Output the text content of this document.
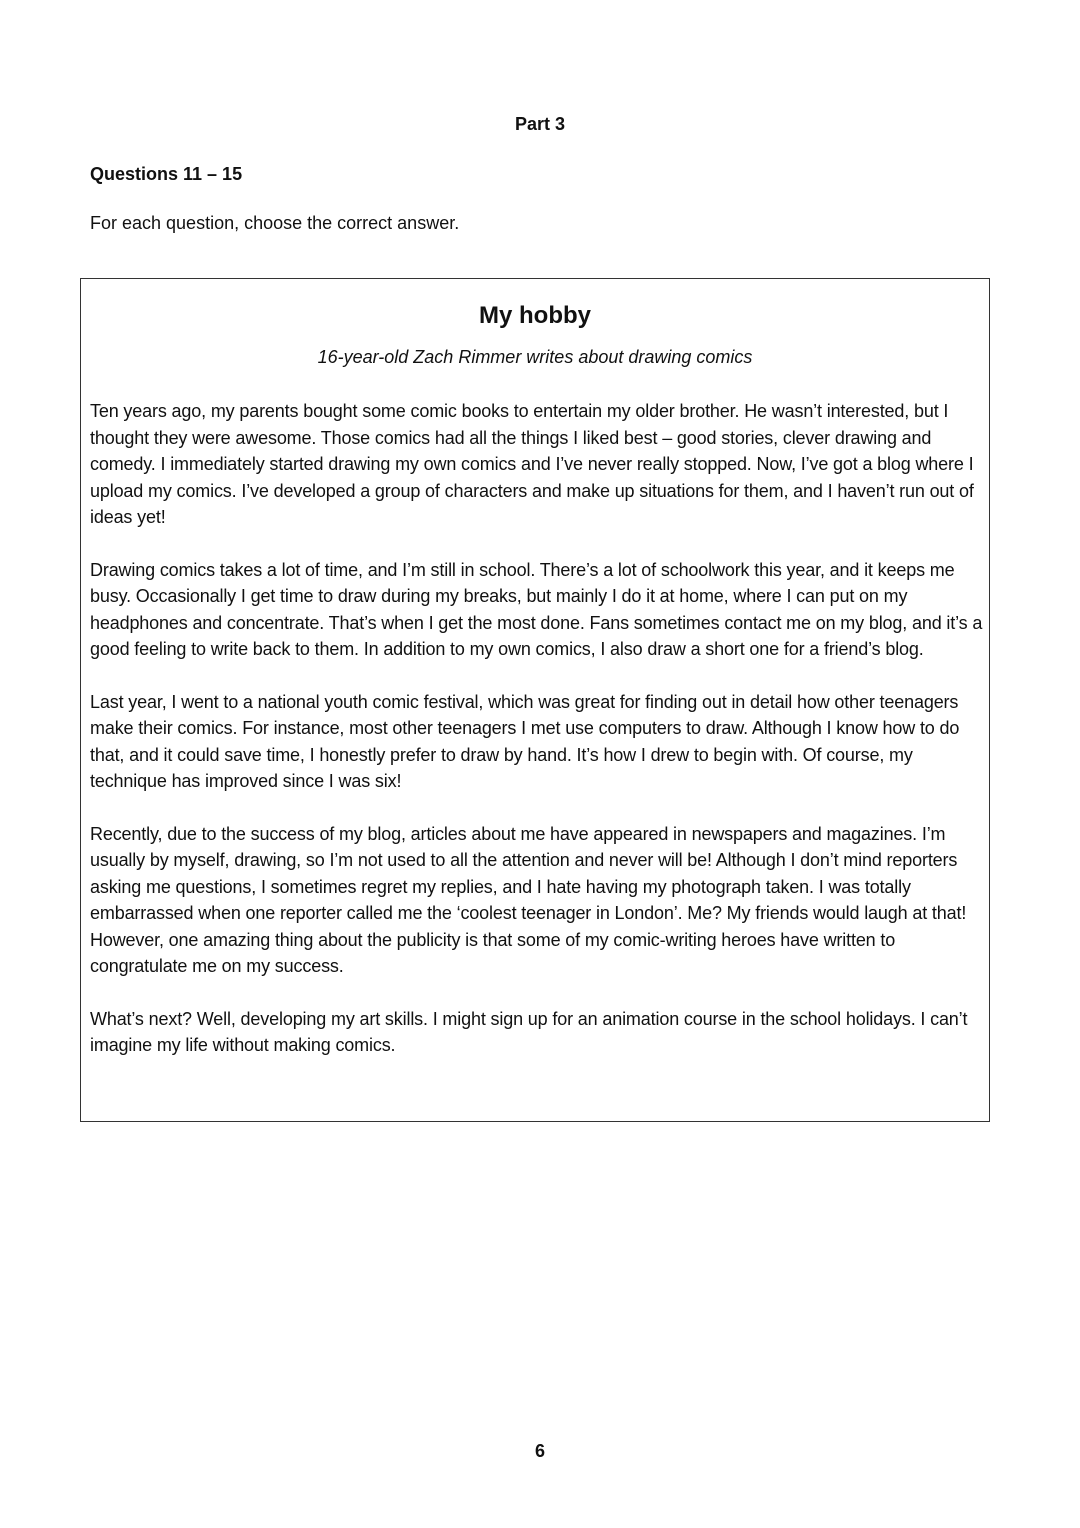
Part 3
Questions 11 – 15
For each question, choose the correct answer.
My hobby
16-year-old Zach Rimmer writes about drawing comics

Ten years ago, my parents bought some comic books to entertain my older brother. He wasn’t interested, but I thought they were awesome. Those comics had all the things I liked best – good stories, clever drawing and comedy. I immediately started drawing my own comics and I’ve never really stopped. Now, I’ve got a blog where I upload my comics. I’ve developed a group of characters and make up situations for them, and I haven’t run out of ideas yet!

Drawing comics takes a lot of time, and I’m still in school. There’s a lot of schoolwork this year, and it keeps me busy. Occasionally I get time to draw during my breaks, but mainly I do it at home, where I can put on my headphones and concentrate. That’s when I get the most done. Fans sometimes contact me on my blog, and it’s a good feeling to write back to them. In addition to my own comics, I also draw a short one for a friend’s blog.

Last year, I went to a national youth comic festival, which was great for finding out in detail how other teenagers make their comics. For instance, most other teenagers I met use computers to draw. Although I know how to do that, and it could save time, I honestly prefer to draw by hand. It’s how I drew to begin with. Of course, my technique has improved since I was six!

Recently, due to the success of my blog, articles about me have appeared in newspapers and magazines. I’m usually by myself, drawing, so I’m not used to all the attention and never will be! Although I don’t mind reporters asking me questions, I sometimes regret my replies, and I hate having my photograph taken. I was totally embarrassed when one reporter called me the ‘coolest teenager in London’. Me? My friends would laugh at that! However, one amazing thing about the publicity is that some of my comic-writing heroes have written to congratulate me on my success.

What’s next? Well, developing my art skills. I might sign up for an animation course in the school holidays. I can’t imagine my life without making comics.

6
